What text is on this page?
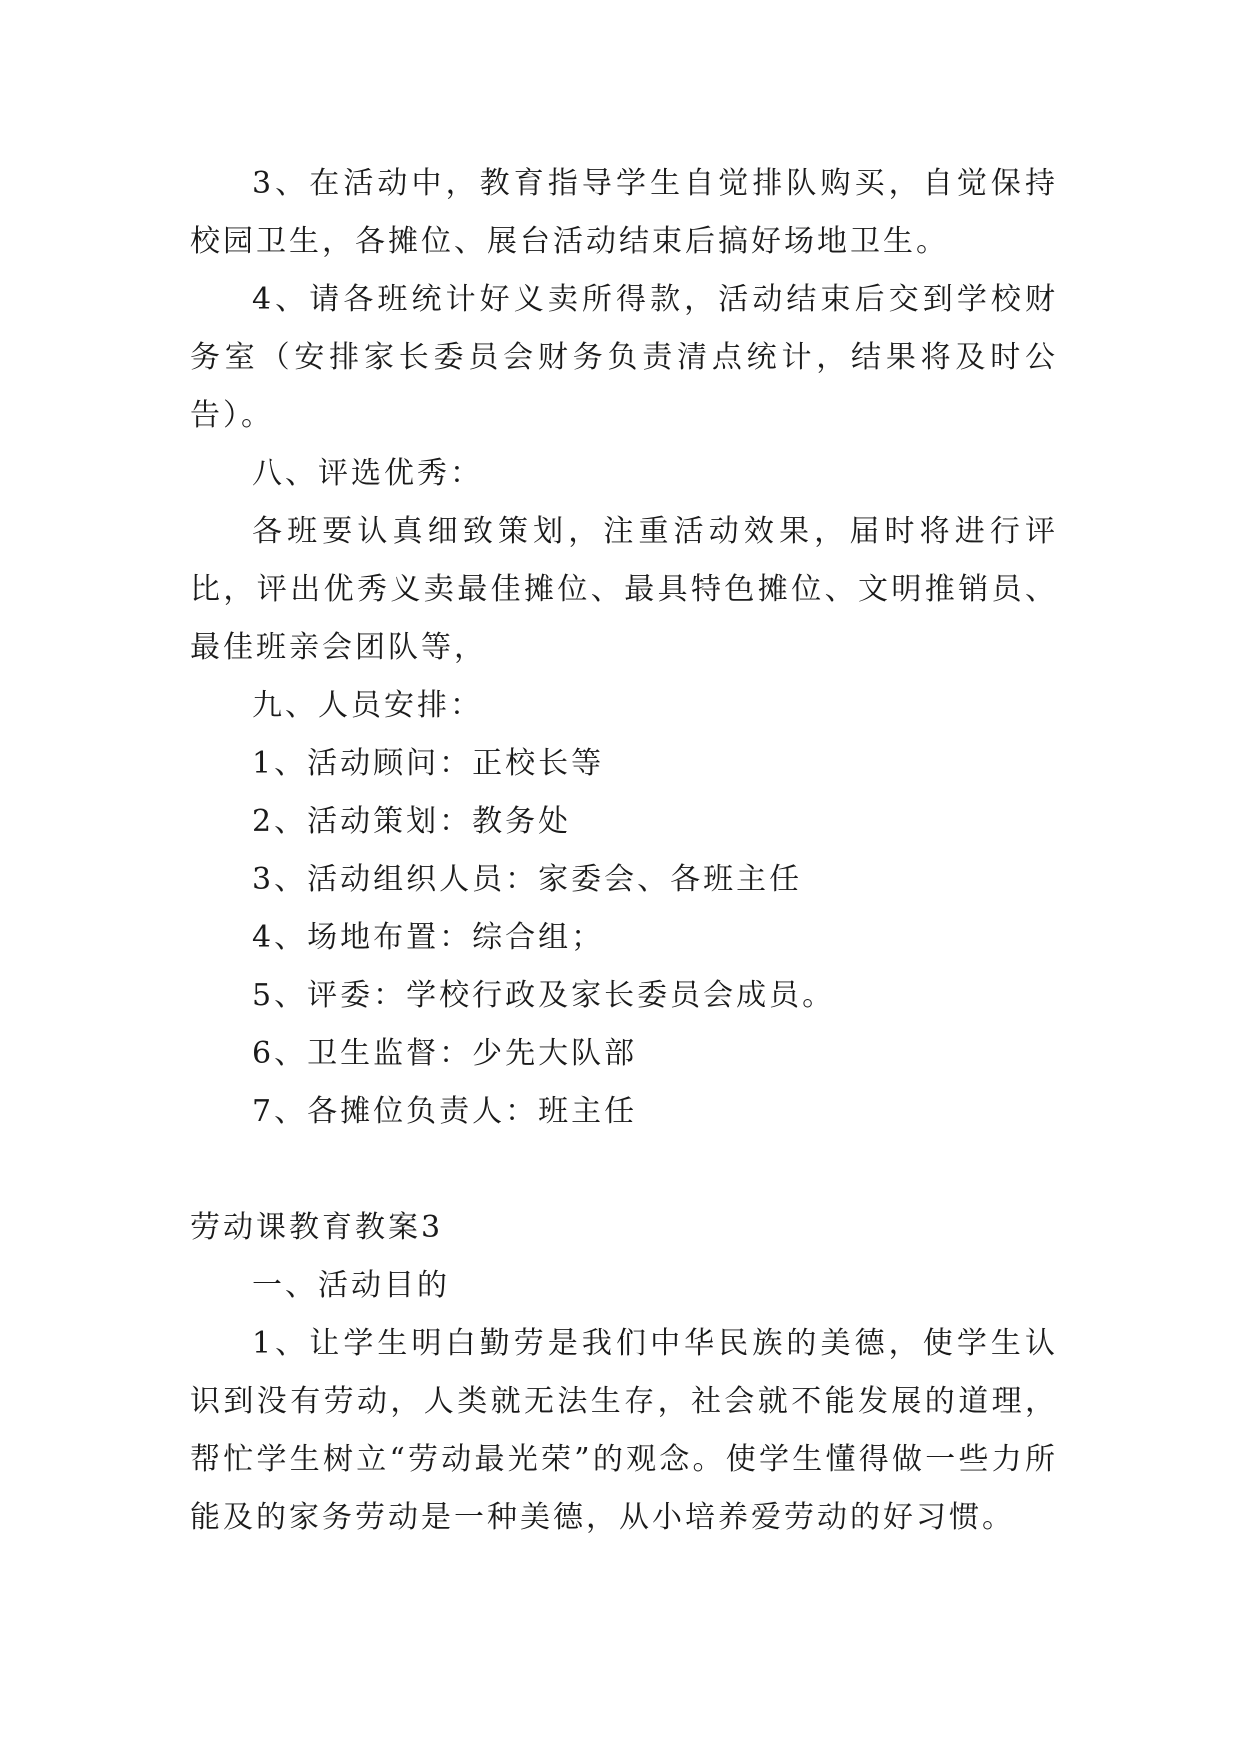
3、在活动中，教育指导学生自觉排队购买，自觉保持校园卫生，各摊位、展台活动结束后搞好场地卫生。

4、请各班统计好义卖所得款，活动结束后交到学校财务室（安排家长委员会财务负责清点统计，结果将及时公告）。

八、评选优秀：

各班要认真细致策划，注重活动效果，届时将进行评比，评出优秀义卖最佳摊位、最具特色摊位、文明推销员、最佳班亲会团队等，

九、人员安排：

1、活动顾问：正校长等

2、活动策划：教务处

3、活动组织人员：家委会、各班主任

4、场地布置：综合组；

5、评委：学校行政及家长委员会成员。

6、卫生监督：少先大队部

7、各摊位负责人：班主任

劳动课教育教案3

一、活动目的

1、让学生明白勤劳是我们中华民族的美德，使学生认识到没有劳动，人类就无法生存，社会就不能发展的道理，帮忙学生树立“劳动最光荣”的观念。使学生懂得做一些力所能及的家务劳动是一种美德，从小培养爱劳动的好习惯。
